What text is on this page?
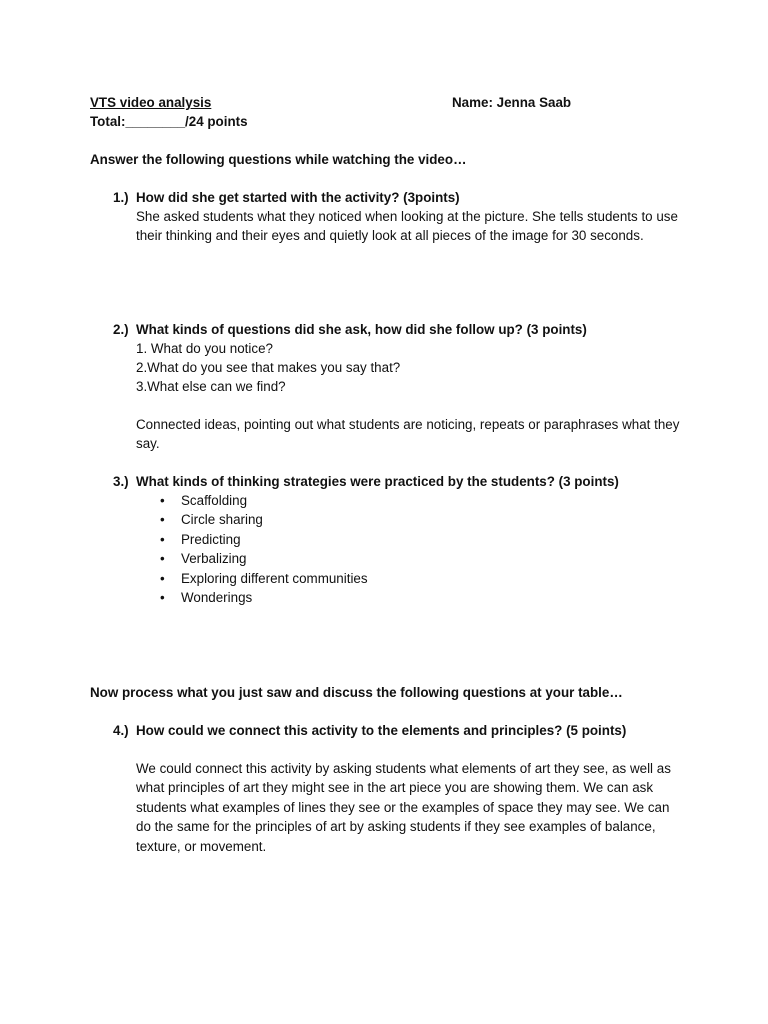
VTS video analysis	Name: Jenna Saab
Total:________/24 points
Answer the following questions while watching the video…
1.) How did she get started with the activity? (3points)
She asked students what they noticed when looking at the picture. She tells students to use their thinking and their eyes and quietly look at all pieces of the image for 30 seconds.
2.) What kinds of questions did she ask, how did she follow up? (3 points)
1. What do you notice?
2.What do you see that makes you say that?
3.What else can we find?
Connected ideas, pointing out what students are noticing, repeats or paraphrases what they say.
3.) What kinds of thinking strategies were practiced by the students? (3 points)
• Scaffolding
• Circle sharing
• Predicting
• Verbalizing
• Exploring different communities
• Wonderings
Now process what you just saw and discuss the following questions at your table…
4.) How could we connect this activity to the elements and principles? (5 points)
We could connect this activity by asking students what elements of art they see, as well as what principles of art they might see in the art piece you are showing them. We can ask students what examples of lines they see or the examples of space they may see. We can do the same for the principles of art by asking students if they see examples of balance, texture, or movement.
